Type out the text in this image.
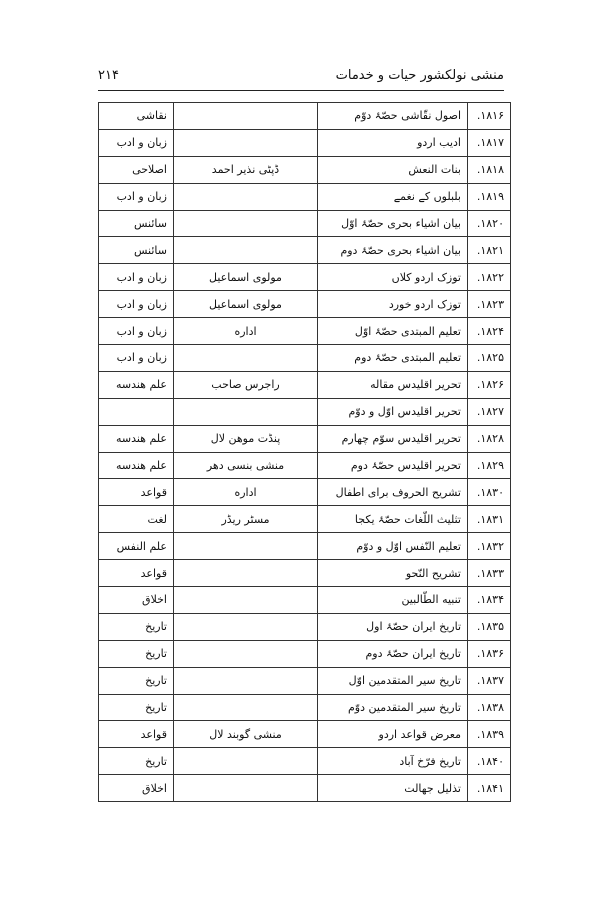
منشی نولکشور حیات و خدمات
۲۱۴
۱۸۱۶.	اصول نقّاشی حصّۂ دوّم		نقاشی
۱۸۱۷.	ادیب اردو		زبان و ادب
۱۸۱۸.	بنات النعش	ڈپٹی نذیر احمد	اصلاحی
۱۸۱۹.	بلبلوں کے نغمے		زبان و ادب
۱۸۲۰.	بیان اشیاء بحری حصّۂ اوّل		سائنس
۱۸۲۱.	بیان اشیاء بحری حصّۂ دوم		سائنس
۱۸۲۲.	توزک اردو کلاں	مولوی اسماعیل	زبان و ادب
۱۸۲۳.	توزک اردو خورد	مولوی اسماعیل	زبان و ادب
۱۸۲۴.	تعلیم المبتدی حصّۂ اوّل	اداره	زبان و ادب
۱۸۲۵.	تعلیم المبتدی حصّۂ دوم		زبان و ادب
۱۸۲۶.	تحریر اقلیدس مقاله	راجرس صاحب	علم هندسه
۱۸۲۷.	تحریر اقلیدس اوّل و دوّم		
۱۸۲۸.	تحریر اقلیدس سوّم چهارم	پنڈت موهن لال	علم هندسه
۱۸۲۹.	تحریر اقلیدس حصّۂ دوم	منشی بنسی دهر	علم هندسه
۱۸۳۰.	تشریح الحروف برای اطفال	اداره	قواعد
۱۸۳۱.	تثلیث اللّغات حصّۂ یکجا	مسٹر ریڈر	لغت
۱۸۳۲.	تعلیم النّفس اوّل و دوّم		علم النفس
۱۸۳۳.	تشریح النّحو		قواعد
۱۸۳۴.	تنبیه الطّالبین		اخلاق
۱۸۳۵.	تاریخ ایران حصّۂ اول		تاریخ
۱۸۳۶.	تاریخ ایران حصّۂ دوم		تاریخ
۱۸۳۷.	تاریخ سیر المتقدمین اوّل		تاریخ
۱۸۳۸.	تاریخ سیر المتقدمین دوّم		تاریخ
۱۸۳۹.	معرض قواعد اردو	منشی گوبند لال	قواعد
۱۸۴۰.	تاریخ فرّخ آباد		تاریخ
۱۸۴۱.	تذلیل جهالت		اخلاق
